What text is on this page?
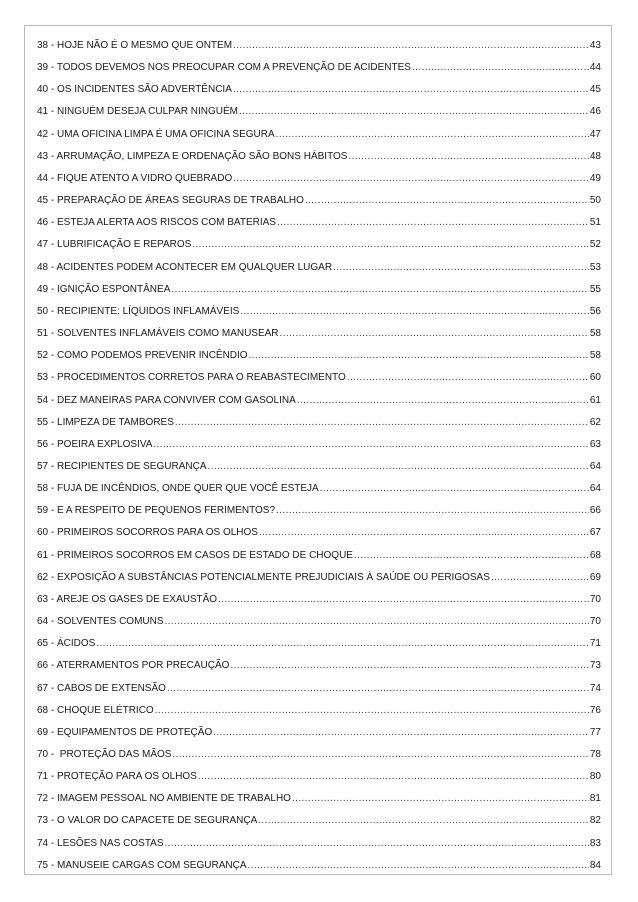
38 - HOJE NÃO É O MESMO QUE ONTEM .....	43
39 - TODOS DEVEMOS NOS PREOCUPAR COM A PREVENÇÃO DE ACIDENTES .....	44
40 - OS INCIDENTES SÃO ADVERTÊNCIA .....	45
41 - NINGUÉM DESEJA CULPAR NINGUÉM .....	46
42 - UMA OFICINA LIMPA É UMA OFICINA SEGURA .....	47
43 - ARRUMAÇÃO, LIMPEZA E ORDENAÇÃO SÃO BONS HÁBITOS .....	48
44 - FIQUE ATENTO A VIDRO QUEBRADO .....	49
45 - PREPARAÇÃO DE ÁREAS SEGURAS DE TRABALHO .....	50
46 - ESTEJA ALERTA AOS RISCOS COM BATERIAS .....	51
47 - LUBRIFICAÇÃO E REPAROS .....	52
48 - ACIDENTES PODEM ACONTECER EM QUALQUER LUGAR .....	53
49 - IGNIÇÃO ESPONTÂNEA .....	55
50 - RECIPIENTE: LÍQUIDOS INFLAMÁVEIS .....	56
51 - SOLVENTES INFLAMÁVEIS COMO MANUSEAR .....	58
52 - COMO PODEMOS PREVENIR INCÊNDIO .....	58
53 - PROCEDIMENTOS CORRETOS PARA O REABASTECIMENTO .....	60
54 - DEZ MANEIRAS PARA CONVIVER COM GASOLINA .....	61
55 - LIMPEZA DE TAMBORES .....	62
56 - POEIRA EXPLOSIVA .....	63
57 - RECIPIENTES DE SEGURANÇA .....	64
58 - FUJA DE INCÊNDIOS, ONDE QUER QUE VOCÊ ESTEJA .....	64
59 - E A RESPEITO DE PEQUENOS FERIMENTOS? .....	66
60 - PRIMEIROS SOCORROS PARA OS OLHOS .....	67
61 - PRIMEIROS SOCORROS EM CASOS DE ESTADO DE CHOQUE .....	68
62 - EXPOSIÇÃO A SUBSTÂNCIAS POTENCIALMENTE PREJUDICIAIS À SAÚDE OU PERIGOSAS .....	69
63 - AREJE OS GASES DE EXAUSTÃO .....	70
64 - SOLVENTES COMUNS .....	70
65 - ÁCIDOS .....	71
66 - ATERRAMENTOS POR PRECAUÇÃO .....	73
67 - CABOS DE EXTENSÃO .....	74
68 - CHOQUE ELÉTRICO .....	76
69 - EQUIPAMENTOS DE PROTEÇÃO .....	77
70 -  PROTEÇÃO DAS MÃOS .....	78
71 - PROTEÇÃO PARA OS OLHOS .....	80
72 - IMAGEM PESSOAL NO AMBIENTE DE TRABALHO .....	81
73 - O VALOR DO CAPACETE DE SEGURANÇA .....	82
74 - LESÕES NAS COSTAS .....	83
75 - MANUSEIE CARGAS COM SEGURANÇA .....	84
